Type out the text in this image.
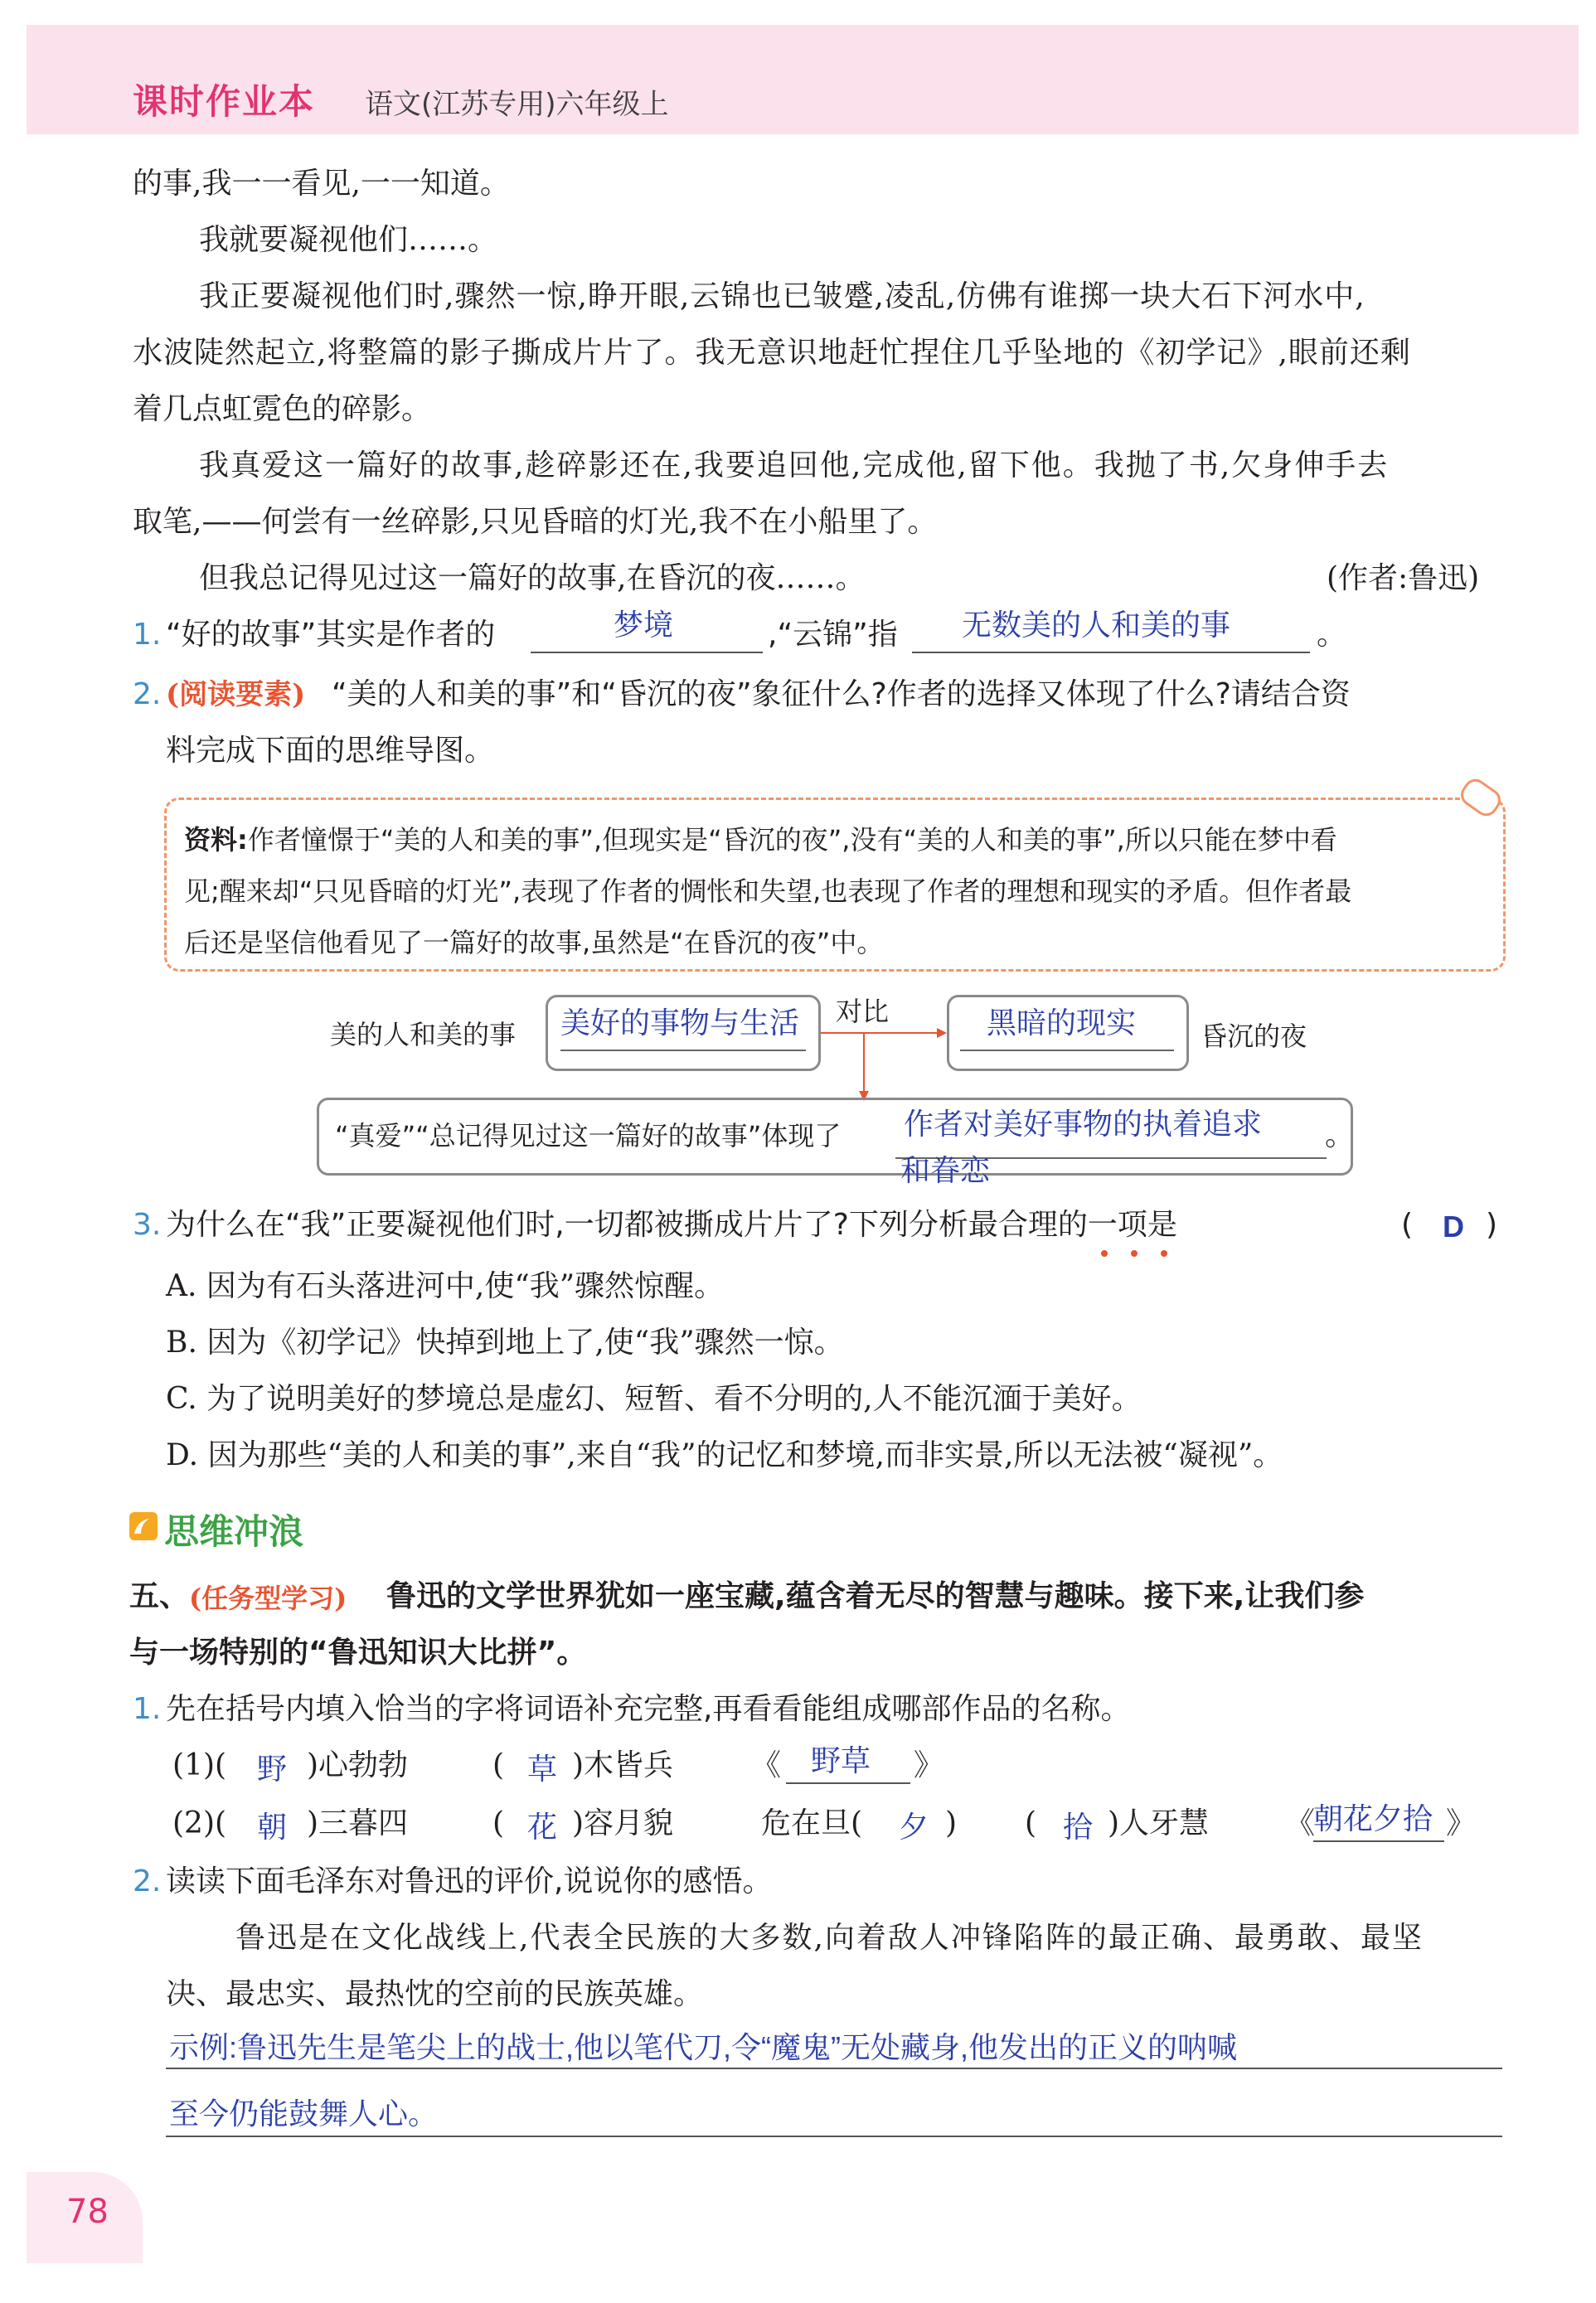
课时作业本 语文(江苏专用)六年级上
的事,我一一看见,一一知道。
我就要凝视他们……。
我正要凝视他们时,骤然一惊,睁开眼,云锦也已皱蹙,凌乱,仿佛有谁掷一块大石下河水中,
水波陡然起立,将整篇的影子撕成片片了。我无意识地赶忙捏住几乎坠地的《初学记》,眼前还剩
着几点虹霓色的碎影。
我真爱这一篇好的故事,趁碎影还在,我要追回他,完成他,留下他。我抛了书,欠身伸手去
取笔,——何尝有一丝碎影,只见昏暗的灯光,我不在小船里了。
但我总记得见过这一篇好的故事,在昏沉的夜……。	(作者:鲁迅)
1. “好的故事”其实是作者的	梦境	,“云锦”指 无数美的人和美的事	。
2. (阅读要素) “美的人和美的事”和“昏沉的夜”象征什么?作者的选择又体现了什么?请结合资
料完成下面的思维导图。
资料:作者憧憬于“美的人和美的事”,但现实是“昏沉的夜”,没有“美的人和美的事”,所以只能在梦中看
见;醒来却“只见昏暗的灯光”,表现了作者的惆怅和失望,也表现了作者的理想和现实的矛盾。但作者最
后还是坚信他看见了一篇好的故事,虽然是“在昏沉的夜”中。
美的人和美的事 美好的事物与生活 对比	黑暗的现实 昏沉的夜
“真爱”“总记得见过这一篇好的故事”体现了 作者对美好事物的执着追求
和眷恋
。
3. 为什么在“我”正要凝视他们时,一切都被撕成片片了?下列分析最合理的一项是	( D )
A. 因为有石头落进河中,使“我”骤然惊醒。
B. 因为《初学记》快掉到地上了,使“我”骤然一惊。
C. 为了说明美好的梦境总是虚幻、短暂、看不分明的,人不能沉湎于美好。
D. 因为那些“美的人和美的事”,来自“我”的记忆和梦境,而非实景,所以无法被“凝视”。
思维冲浪
五、 (任务型学习) 鲁迅的文学世界犹如一座宝藏,蕴含着无尽的智慧与趣味。接下来,让我们参
与一场特别的“鲁迅知识大比拼”。
1. 先在括号内填入恰当的字将词语补充完整,再看看能组成哪部作品的名称。
(1)( 野 )心勃勃	( 草 )木皆兵	《 野草 》
(2)( 朝 )三暮四	( 花 )容月貌	危在旦( 夕 ) ( 拾 )人牙慧	《
朝花夕拾 》
2. 读读下面毛泽东对鲁迅的评价,说说你的感悟。
鲁迅是在文化战线上,代表全民族的大多数,向着敌人冲锋陷阵的最正确、最勇敢、最坚
决、最忠实、最热忱的空前的民族英雄。
示例:鲁迅先生是笔尖上的战士,他以笔代刀,令“魔鬼”无处藏身,他发出的正义的呐喊
至今仍能鼓舞人心。
78
